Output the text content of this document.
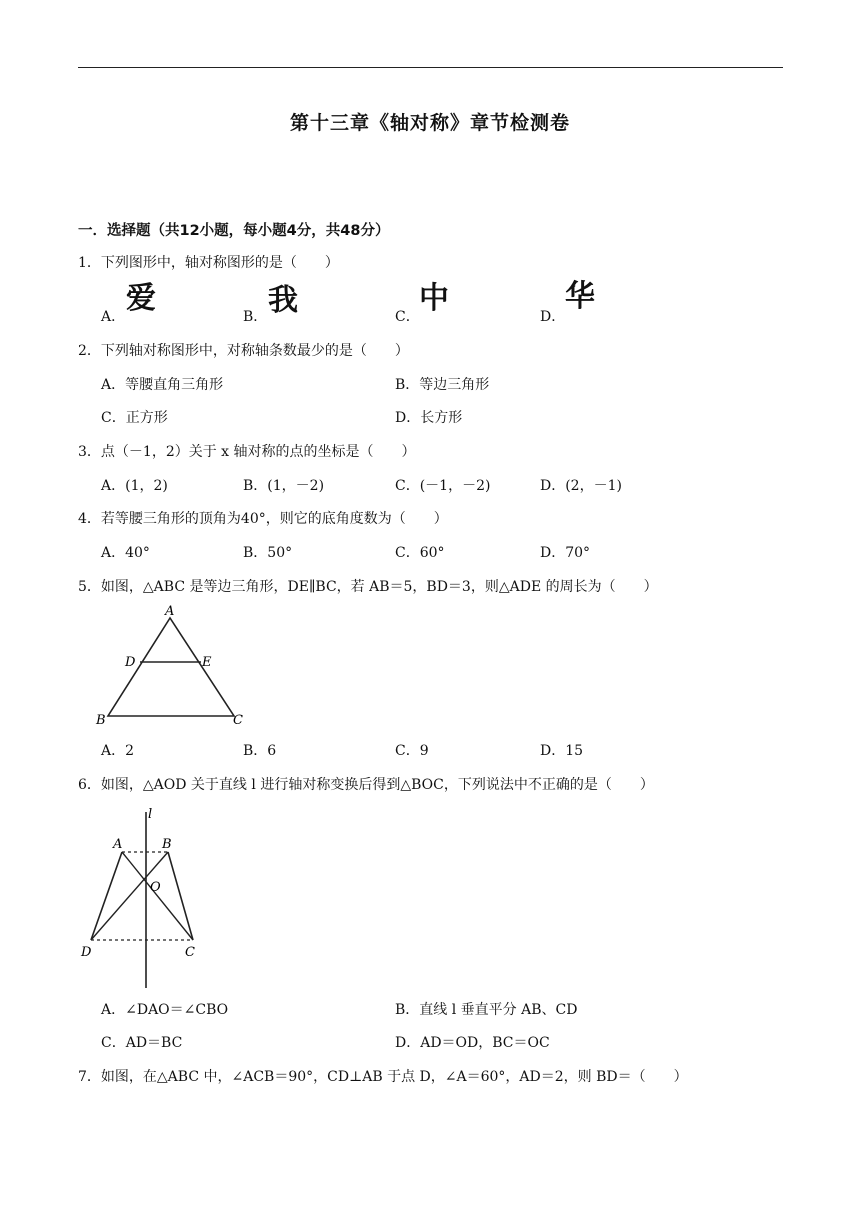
第十三章《轴对称》章节检测卷
一．选择题（共12小题，每小题4分，共48分）
1．下列图形中，轴对称图形的是（　　）
A．
爱
B． 我	C．
中
D．
华
2．下列轴对称图形中，对称轴条数最少的是（　　）
A．等腰直角三角形	B．等边三角形
C．正方形	D．长方形
3．点（－1，2）关于 x 轴对称的点的坐标是（　　）
A．(1，2)	B．(1，－2)	C．(－1，－2)	D．(2，－1)
4．若等腰三角形的顶角为40°，则它的底角度数为（　　）
A．40°	B．50°	C．60°	D．70°
5．如图，△ABC 是等边三角形，DE∥BC，若 AB＝5，BD＝3，则△ADE 的周长为（　　）
A
D	E
B	C
A．2	B．6	C．9	D．15
6．如图，△AOD 关于直线 l 进行轴对称变换后得到△BOC，下列说法中不正确的是（　　）
l
A	B
O
D	C
A．∠DAO＝∠CBO	B．直线 l 垂直平分 AB、CD
C．AD＝BC	D．AD＝OD，BC＝OC
7．如图，在△ABC 中，∠ACB＝90°，CD⊥AB 于点 D，∠A＝60°，AD＝2，则 BD＝（　　）
